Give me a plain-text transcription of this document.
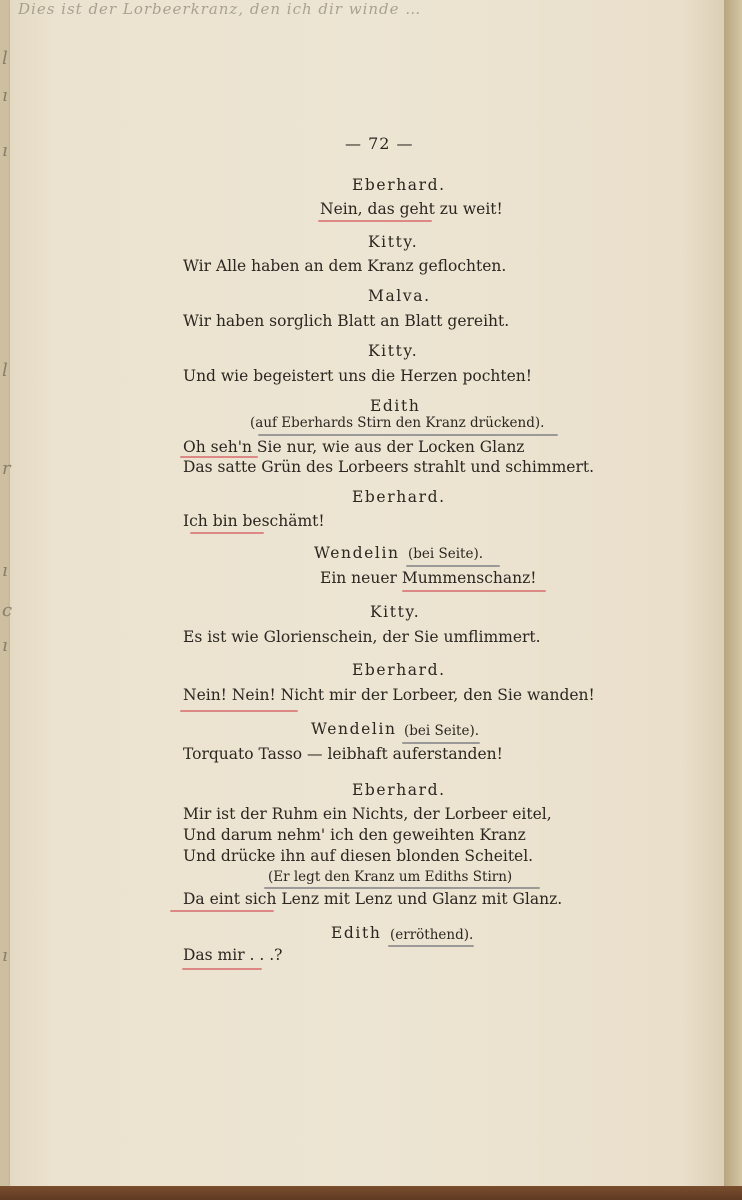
Dies ist der Lorbeerkranz, den ich dir winde …
l
ı
ı
l
r
ı
c
ı
ı
— 72 —
Eberhard.
Nein, das geht zu weit!
Kitty.
Wir Alle haben an dem Kranz geflochten.
Malva.
Wir haben sorglich Blatt an Blatt gereiht.
Kitty.
Und wie begeistert uns die Herzen pochten!
Edith
(auf Eberhards Stirn den Kranz drückend).
Oh seh'n Sie nur, wie aus der Locken Glanz
Das satte Grün des Lorbeers strahlt und schimmert.
Eberhard.
Ich bin beschämt!
Wendelin (bei Seite).
Ein neuer Mummenschanz!
Kitty.
Es ist wie Glorienschein, der Sie umflimmert.
Eberhard.
Nein! Nein! Nicht mir der Lorbeer, den Sie wanden!
Wendelin (bei Seite).
Torquato Tasso — leibhaft auferstanden!
Eberhard.
Mir ist der Ruhm ein Nichts, der Lorbeer eitel,
Und darum nehm' ich den geweihten Kranz
Und drücke ihn auf diesen blonden Scheitel.
(Er legt den Kranz um Ediths Stirn)
Da eint sich Lenz mit Lenz und Glanz mit Glanz.
Edith (erröthend).
Das mir . . .?
